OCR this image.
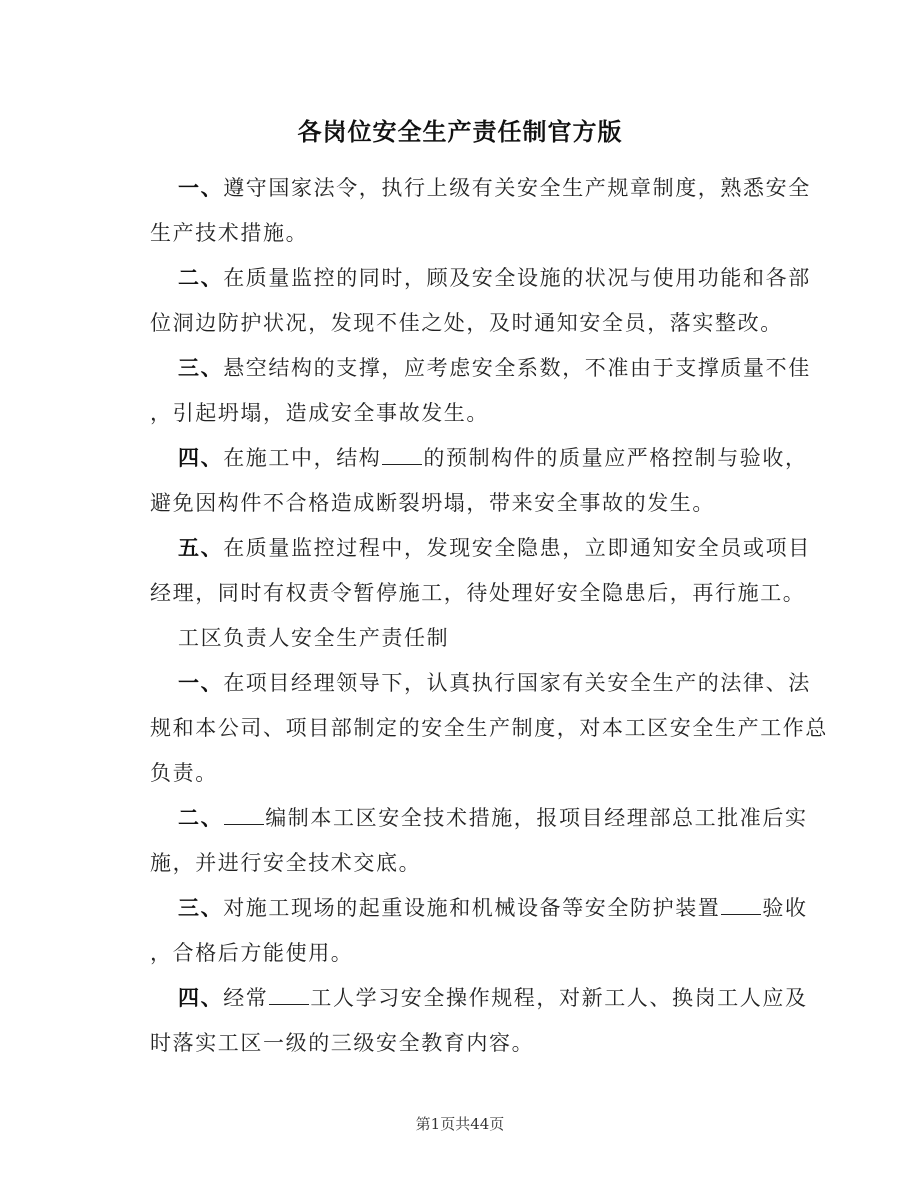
各岗位安全生产责任制官方版
一、遵守国家法令，执行上级有关安全生产规章制度，熟悉安全
生产技术措施。
二、在质量监控的同时，顾及安全设施的状况与使用功能和各部
位洞边防护状况，发现不佳之处，及时通知安全员，落实整改。
三、悬空结构的支撑，应考虑安全系数，不准由于支撑质量不佳
，引起坍塌，造成安全事故发生。
四、在施工中，结构 的预制构件的质量应严格控制与验收，
避免因构件不合格造成断裂坍塌，带来安全事故的发生。
五、在质量监控过程中，发现安全隐患，立即通知安全员或项目
经理，同时有权责令暂停施工，待处理好安全隐患后，再行施工。
工区负责人安全生产责任制
一、在项目经理领导下，认真执行国家有关安全生产的法律、法
规和本公司、项目部制定的安全生产制度，对本工区安全生产工作总
负责。
二、 编制本工区安全技术措施，报项目经理部总工批准后实
施，并进行安全技术交底。
三、对施工现场的起重设施和机械设备等安全防护装置 验收
，合格后方能使用。
四、经常 工人学习安全操作规程，对新工人、换岗工人应及
时落实工区一级的三级安全教育内容。
第1页共44页
